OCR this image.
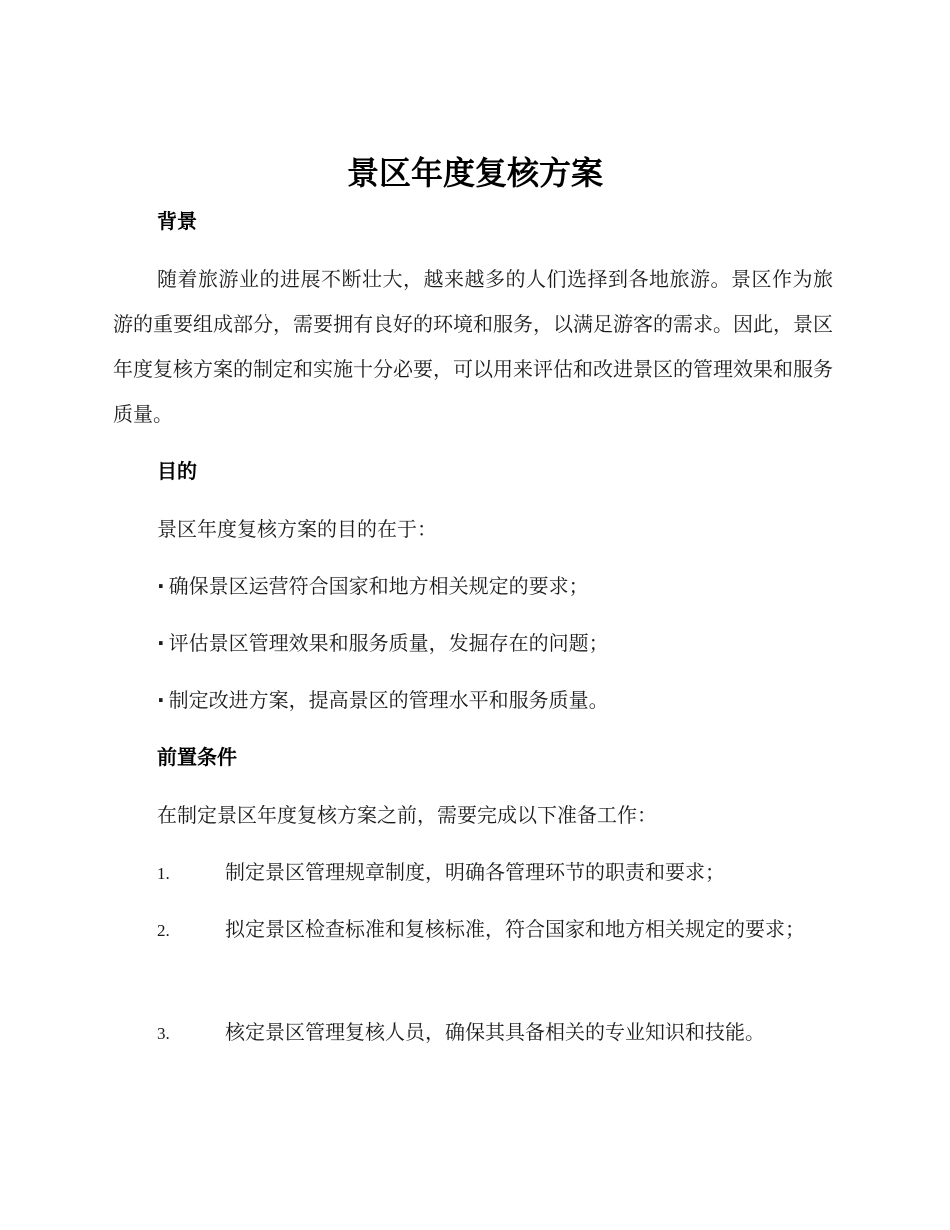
景区年度复核方案
背景

随着旅游业的进展不断壮大，越来越多的人们选择到各地旅游。景区作为旅游的重要组成部分，需要拥有良好的环境和服务，以满足游客的需求。因此，景区年度复核方案的制定和实施十分必要，可以用来评估和改进景区的管理效果和服务质量。

目的

景区年度复核方案的目的在于：

· 确保景区运营符合国家和地方相关规定的要求；

· 评估景区管理效果和服务质量，发掘存在的问题；

· 制定改进方案，提高景区的管理水平和服务质量。

前置条件

在制定景区年度复核方案之前，需要完成以下准备工作：

1.	制定景区管理规章制度，明确各管理环节的职责和要求；

2.	拟定景区检查标准和复核标准，符合国家和地方相关规定的要求；

3.	核定景区管理复核人员，确保其具备相关的专业知识和技能。
